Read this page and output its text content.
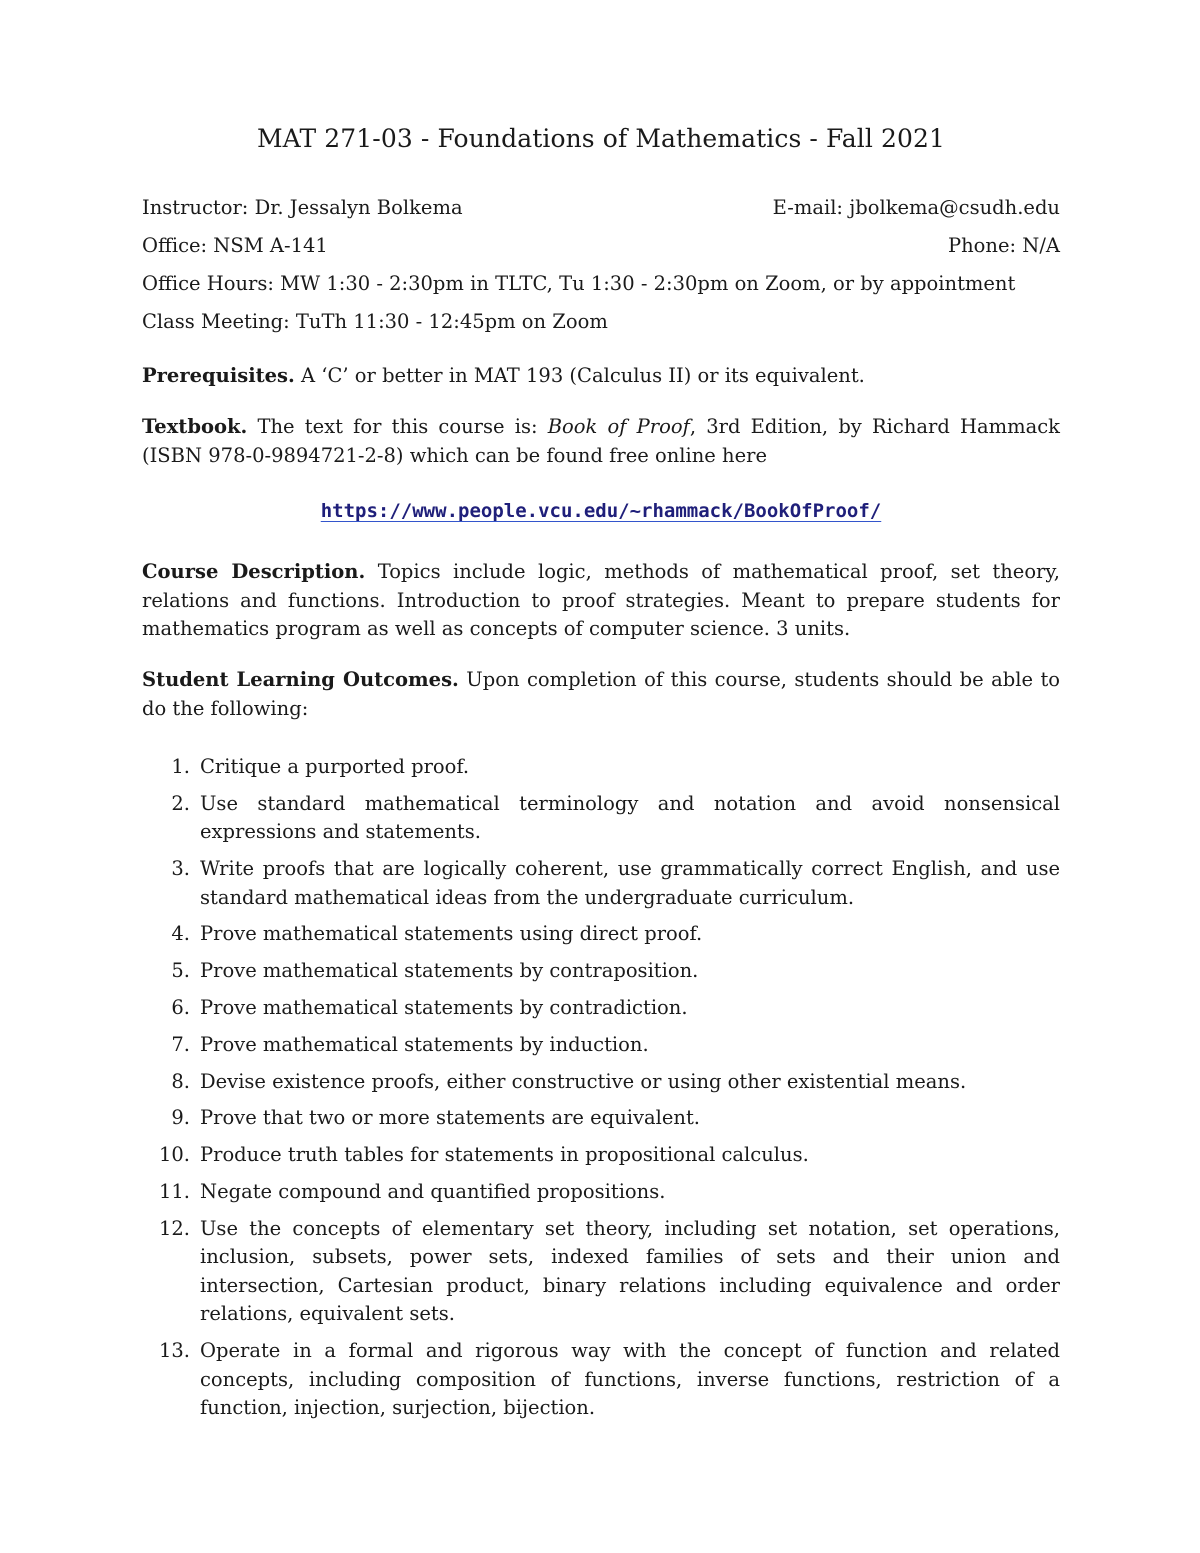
MAT 271-03 - Foundations of Mathematics - Fall 2021
Instructor: Dr. Jessalyn Bolkema	E-mail: jbolkema@csudh.edu
Office: NSM A-141	Phone: N/A
Office Hours: MW 1:30 - 2:30pm in TLTC, Tu 1:30 - 2:30pm on Zoom, or by appointment
Class Meeting: TuTh 11:30 - 12:45pm on Zoom

Prerequisites. A ‘C’ or better in MAT 193 (Calculus II) or its equivalent.

Textbook. The text for this course is: Book of Proof, 3rd Edition, by Richard Hammack (ISBN 978-0-9894721-2-8) which can be found free online here

https://www.people.vcu.edu/~rhammack/BookOfProof/

Course Description. Topics include logic, methods of mathematical proof, set theory, relations and functions. Introduction to proof strategies. Meant to prepare students for mathematics program as well as concepts of computer science. 3 units.

Student Learning Outcomes. Upon completion of this course, students should be able to do the following:

1. Critique a purported proof.
2. Use standard mathematical terminology and notation and avoid nonsensical expressions and statements.
3. Write proofs that are logically coherent, use grammatically correct English, and use standard mathematical ideas from the undergraduate curriculum.
4. Prove mathematical statements using direct proof.
5. Prove mathematical statements by contraposition.
6. Prove mathematical statements by contradiction.
7. Prove mathematical statements by induction.
8. Devise existence proofs, either constructive or using other existential means.
9. Prove that two or more statements are equivalent.
10. Produce truth tables for statements in propositional calculus.
11. Negate compound and quantified propositions.
12. Use the concepts of elementary set theory, including set notation, set operations, inclusion, subsets, power sets, indexed families of sets and their union and intersection, Cartesian product, binary relations including equivalence and order relations, equivalent sets.
13. Operate in a formal and rigorous way with the concept of function and related concepts, including composition of functions, inverse functions, restriction of a function, injection, surjection, bijection.
